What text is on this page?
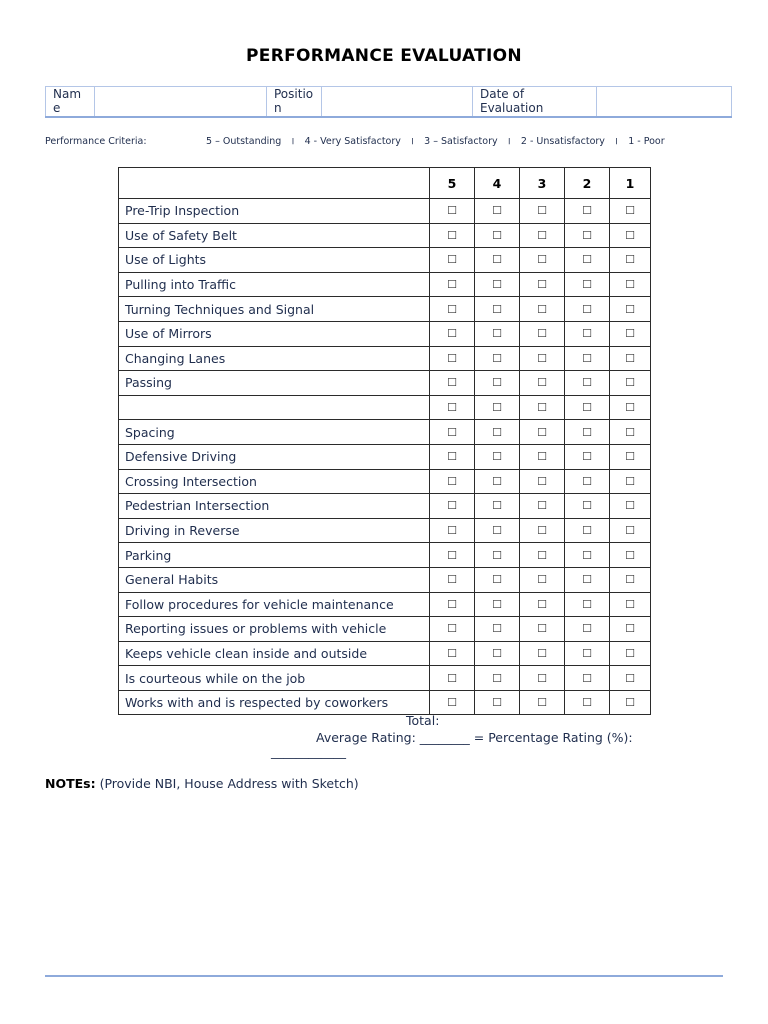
PERFORMANCE EVALUATION
Name		Position		Date of Evaluation	
Performance Criteria:	5 – Outstanding | 4 - Very Satisfactory | 3 – Satisfactory | 2 - Unsatisfactory | 1 - Poor
	5	4	3	2	1
Pre-Trip Inspection	☐	☐	☐	☐	☐
Use of Safety Belt	☐	☐	☐	☐	☐
Use of Lights	☐	☐	☐	☐	☐
Pulling into Traffic	☐	☐	☐	☐	☐
Turning Techniques and Signal	☐	☐	☐	☐	☐
Use of Mirrors	☐	☐	☐	☐	☐
Changing Lanes	☐	☐	☐	☐	☐
Passing	☐	☐	☐	☐	☐
	☐	☐	☐	☐	☐
Spacing	☐	☐	☐	☐	☐
Defensive Driving	☐	☐	☐	☐	☐
Crossing Intersection	☐	☐	☐	☐	☐
Pedestrian Intersection	☐	☐	☐	☐	☐
Driving in Reverse	☐	☐	☐	☐	☐
Parking	☐	☐	☐	☐	☐
General Habits	☐	☐	☐	☐	☐
Follow procedures for vehicle maintenance	☐	☐	☐	☐	☐
Reporting issues or problems with vehicle	☐	☐	☐	☐	☐
Keeps vehicle clean inside and outside	☐	☐	☐	☐	☐
Is courteous while on the job	☐	☐	☐	☐	☐
Works with and is respected by coworkers	☐	☐	☐	☐	☐
Total:
Average Rating: ________ = Percentage Rating (%):
____________
NOTEs: (Provide NBI, House Address with Sketch)
